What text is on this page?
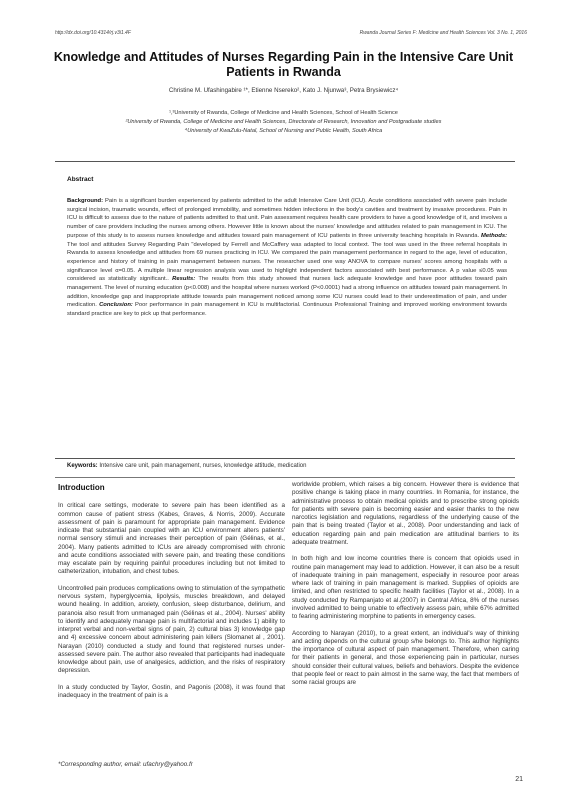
http://dx.doi.org/10.4314/rj.v3i1.4F	Rwanda Journal Series F: Medicine and Health Sciences Vol. 3 No. 1, 2016
Knowledge and Attitudes of Nurses Regarding Pain in the Intensive Care Unit Patients in Rwanda
Christine M. Ufashingabire ¹*, Etienne Nsereko², Kato J. Njunwa³, Petra Brysiewicz⁴
¹,³University of Rwanda, College of Medicine and Health Sciences, School of Health Science
²University of Rwanda, College of Medicine and Health Sciences, Directorate of Research, Innovation and Postgraduate studies
⁴University of KwaZulu-Natal, School of Nursing and Public Health, South Africa
Abstract
Background: Pain is a significant burden experienced by patients admitted to the adult Intensive Care Unit (ICU). Acute conditions associated with severe pain include surgical incision, traumatic wounds, effect of prolonged immobility, and sometimes hidden infections in the body's cavities and treatment by invasive procedures. Pain in ICU is difficult to assess due to the nature of patients admitted to that unit. Pain assessment requires health care providers to have a good knowledge of it, and involves a number of care providers including the nurses among others. However little is known about the nurses' knowledge and attitudes related to pain management in ICU. The purpose of this study is to assess nurses knowledge and attitudes toward pain management of ICU patients in three university teaching hospitals in Rwanda. Methods: The tool and attitudes Survey Regarding Pain "developed by Ferrell and McCaffery was adapted to local context. The tool was used in the three referral hospitals in Rwanda to assess knowledge and attitudes from 69 nurses practicing in ICU. We compared the pain management performance in regard to the age, level of education, experience and history of training in pain management between nurses. The researcher used one way ANOVA to compare nurses' scores among hospitals with a significance level α=0.05. A multiple linear regression analysis was used to highlight independent factors associated with best performance. A p value ≤0.05 was considered as statistically significant.. Results: The results from this study showed that nurses lack adequate knowledge and have poor attitudes toward pain management. The level of nursing education (p<0.008) and the hospital where nurses worked (P<0.0001) had a strong influence on attitudes toward pain management. In addition, knowledge gap and inappropriate attitude towards pain management noticed among some ICU nurses could lead to their underestimation of pain, and under medication. Conclusion: Poor performance in pain management in ICU is multifactorial. Continuous Professional Training and improved working environment towards standard practice are key to pick up that performance.
Keywords: Intensive care unit, pain management, nurses, knowledge attitude, medication
Introduction

In critical care settings, moderate to severe pain has been identified as a common cause of patient stress (Kabes, Graves, & Norris, 2009). Accurate assessment of pain is paramount for appropriate pain management. Evidence indicate that substantial pain coupled with an ICU environment alters patients' normal sensory stimuli and increases their perception of pain (Gélinas, et al., 2004). Many patients admitted to ICUs are already compromised with chronic and acute conditions associated with severe pain, and treating these conditions may escalate pain by requiring painful procedures including but not limited to catheterization, intubation, and chest tubes.

Uncontrolled pain produces complications owing to stimulation of the sympathetic nervous system, hyperglycemia, lipolysis, muscles breakdown, and delayed wound healing. In addition, anxiety, confusion, sleep disturbance, delirium, and paranoia also result from unmanaged pain (Gélinas et al., 2004). Nurses' ability to identify and adequately manage pain is multifactorial and includes 1) ability to interpret verbal and non-verbal signs of pain, 2) cultural bias 3) knowledge gap and 4) excessive concern about administering pain killers (Slomanet al , 2001). Narayan (2010) conducted a study and found that registered nurses under-assessed severe pain. The author also revealed that participants had inadequate knowledge about pain, use of analgesics, addiction, and the risks of respiratory depression.

In a study conducted by Taylor, Gostin, and Pagonis (2008), it was found that inadequacy in the treatment of pain is a

worldwide problem, which raises a big concern. However there is evidence that positive change is taking place in many countries. In Romania, for instance, the administrative process to obtain medical opioids and to prescribe strong opioids for patients with severe pain is becoming easier and easier thanks to the new narcotics legislation and regulations, regardless of the underlying cause of the pain that is being treated (Taylor et al., 2008). Poor understanding and lack of education regarding pain and pain medication are attitudinal barriers to its adequate treatment.

In both high and low income countries there is concern that opioids used in routine pain management may lead to addiction. However, it can also be a result of inadequate training in pain management, especially in resource poor areas where lack of training in pain management is marked. Supplies of opioids are limited, and often restricted to specific health facilities (Taylor et al., 2008). In a study conducted by Rampanjato et al.(2007) in Central Africa, 8% of the nurses involved admitted to being unable to effectively assess pain, while 67% admitted to fearing administering morphine to patients in emergency cases.

According to Narayan (2010), to a great extent, an individual's way of thinking and acting depends on the cultural group s/he belongs to. This author highlights the importance of cultural aspect of pain management. Therefore, when caring for their patients in general, and those experiencing pain in particular, nurses should consider their cultural values, beliefs and behaviors. Despite the evidence that people feel or react to pain almost in the same way, the fact that members of some racial groups are

*Corresponding author, email: ufachry@yahoo.fr
21
